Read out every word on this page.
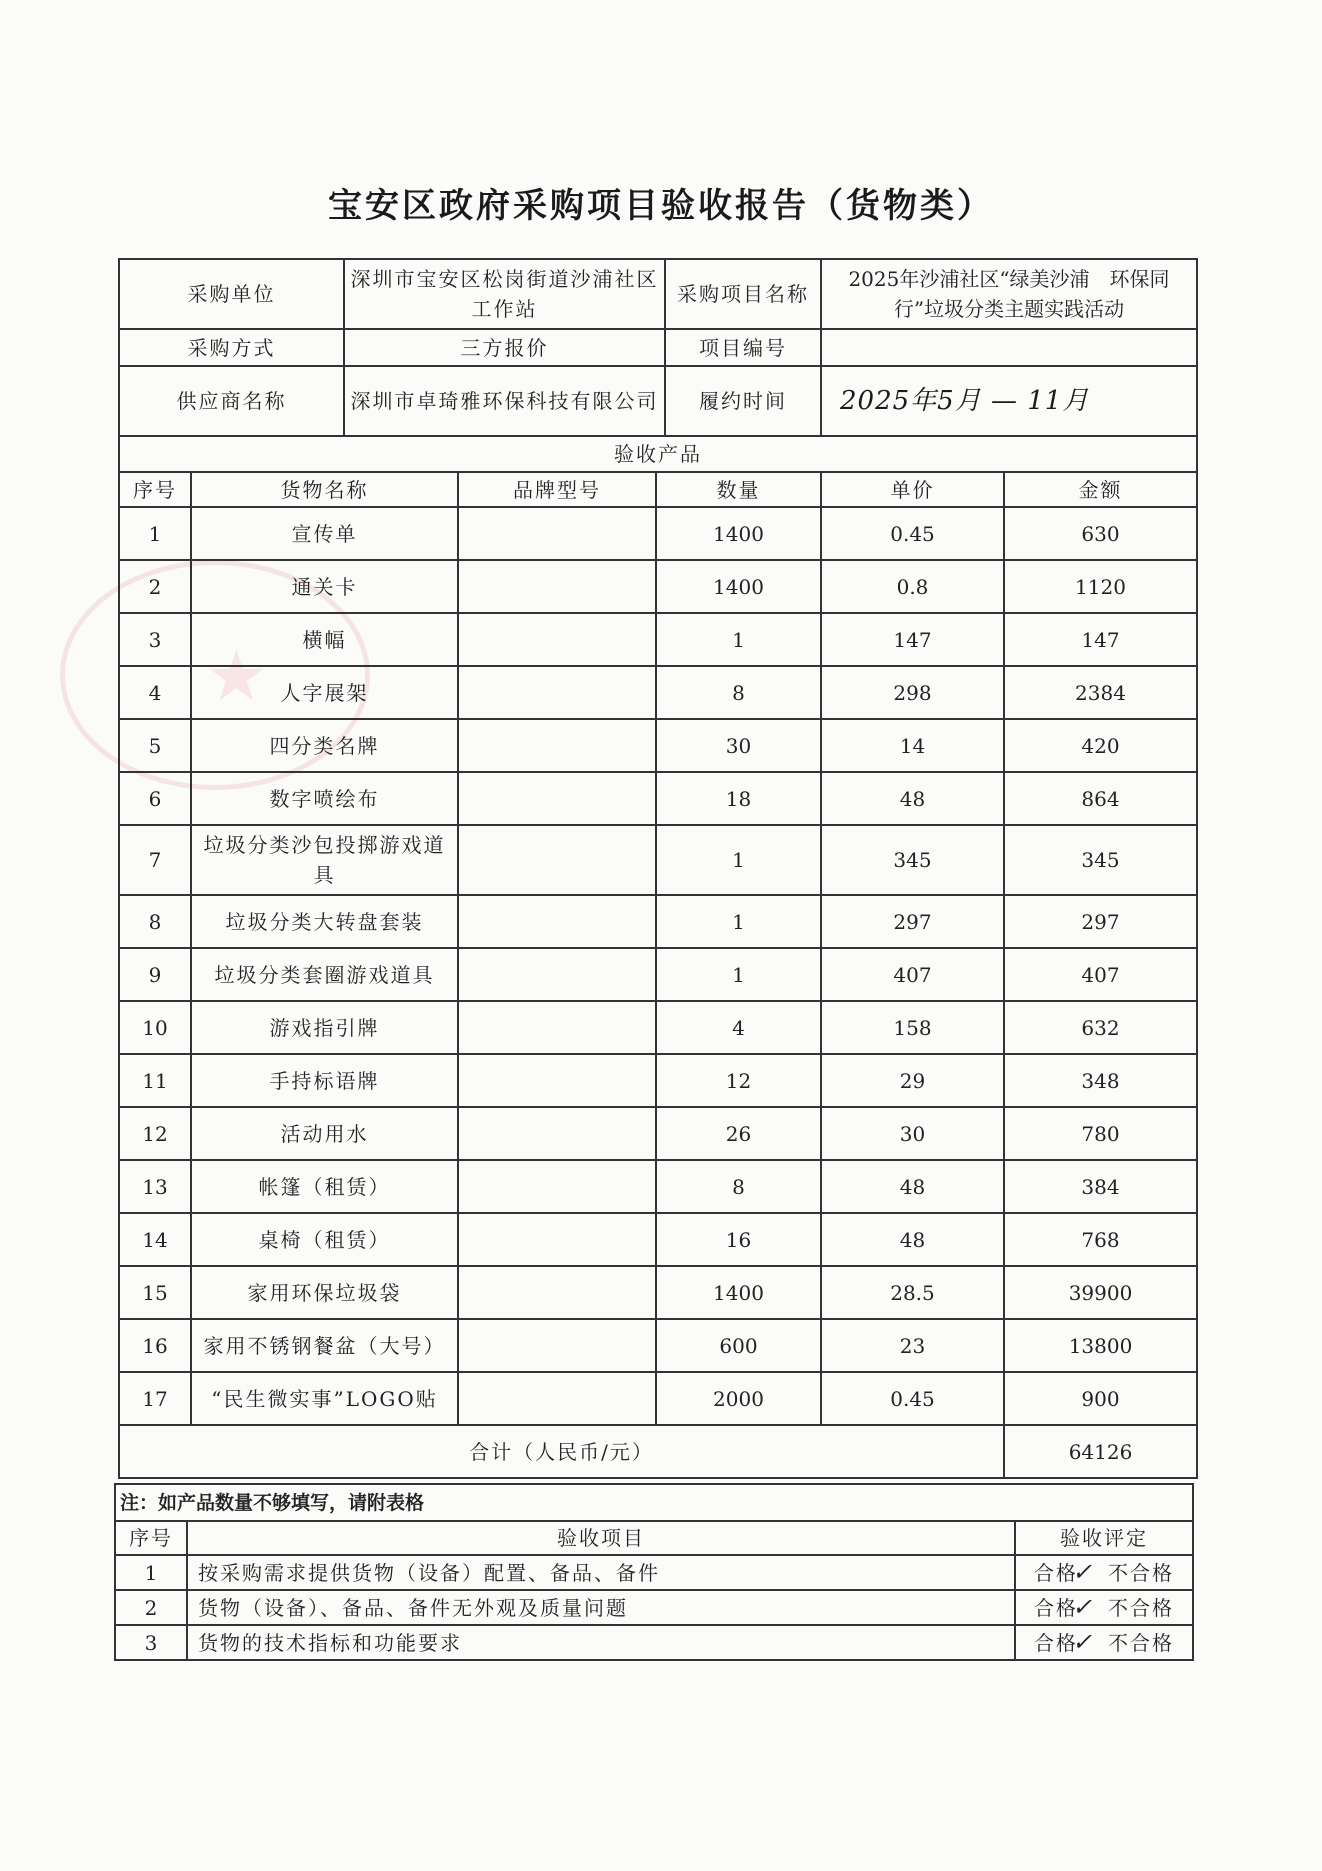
★
宝安区政府采购项目验收报告（货物类）
采购单位	深圳市宝安区松岗街道沙浦社区工作站	采购项目名称	2025年沙浦社区“绿美沙浦　环保同行”垃圾分类主题实践活动
采购方式	三方报价	项目编号	
供应商名称	深圳市卓琦雅环保科技有限公司	履约时间	2025年5月 — 11月
验收产品			
序号	货物名称	品牌型号	数量	单价	金额
1	宣传单		1400	0.45	630
2	通关卡		1400	0.8	1120
3	横幅		1	147	147
4	人字展架		8	298	2384
5	四分类名牌		30	14	420
6	数字喷绘布		18	48	864
7	垃圾分类沙包投掷游戏道具		1	345	345
8	垃圾分类大转盘套装		1	297	297
9	垃圾分类套圈游戏道具		1	407	407
10	游戏指引牌		4	158	632
11	手持标语牌		12	29	348
12	活动用水		26	30	780
13	帐篷（租赁）		8	48	384
14	桌椅（租赁）		16	48	768
15	家用环保垃圾袋		1400	28.5	39900
16	家用不锈钢餐盆（大号）		600	23	13800
17	“民生微实事”LOGO贴		2000	0.45	900
合计（人民币/元）					64126
注：如产品数量不够填写，请附表格		
序号	验收项目	验收评定
1	按采购需求提供货物（设备）配置、备品、备件	合格✓ 不合格
2	货物（设备）、备品、备件无外观及质量问题	合格✓ 不合格
3	货物的技术指标和功能要求	合格✓ 不合格
